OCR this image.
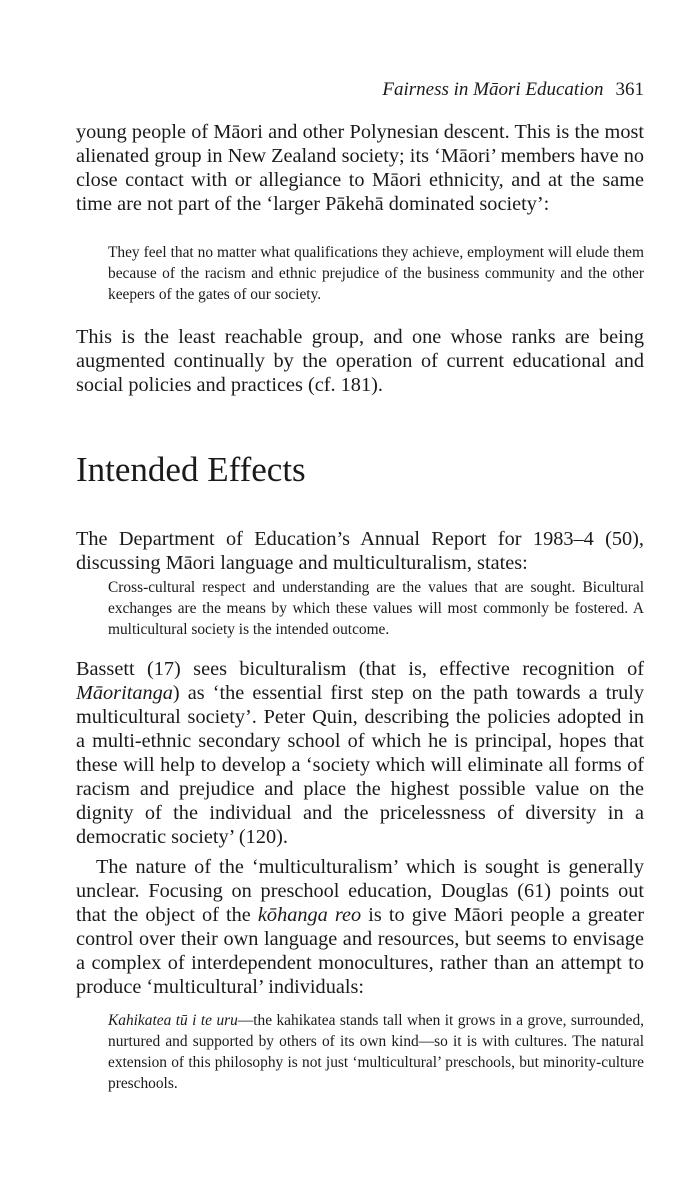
Fairness in Māori Education 361

young people of Māori and other Polynesian descent. This is the most alienated group in New Zealand society; its ‘Māori’ members have no close contact with or allegiance to Māori ethnicity, and at the same time are not part of the ‘larger Pākehā dominated society’:

They feel that no matter what qualifications they achieve, employment will elude them because of the racism and ethnic prejudice of the business community and the other keepers of the gates of our society.

This is the least reachable group, and one whose ranks are being augmented continually by the operation of current educational and social policies and practices (cf. 181).

Intended Effects

The Department of Education’s Annual Report for 1983–4 (50), discussing Māori language and multiculturalism, states:

Cross-cultural respect and understanding are the values that are sought. Bicultural exchanges are the means by which these values will most commonly be fostered. A multicultural society is the intended outcome.

Bassett (17) sees biculturalism (that is, effective recognition of Māoritanga) as ‘the essential first step on the path towards a truly multicultural society’. Peter Quin, describing the policies adopted in a multi-ethnic secondary school of which he is principal, hopes that these will help to develop a ‘society which will eliminate all forms of racism and prejudice and place the highest possible value on the dignity of the individual and the pricelessness of diversity in a democratic society’ (120).

The nature of the ‘multiculturalism’ which is sought is generally unclear. Focusing on preschool education, Douglas (61) points out that the object of the kōhanga reo is to give Māori people a greater control over their own language and resources, but seems to envisage a complex of interdependent monocultures, rather than an attempt to produce ‘multicultural’ individuals:

Kahikatea tū i te uru—the kahikatea stands tall when it grows in a grove, surrounded, nurtured and supported by others of its own kind—so it is with cultures. The natural extension of this philosophy is not just ‘multicultural’ preschools, but minority-culture preschools.
